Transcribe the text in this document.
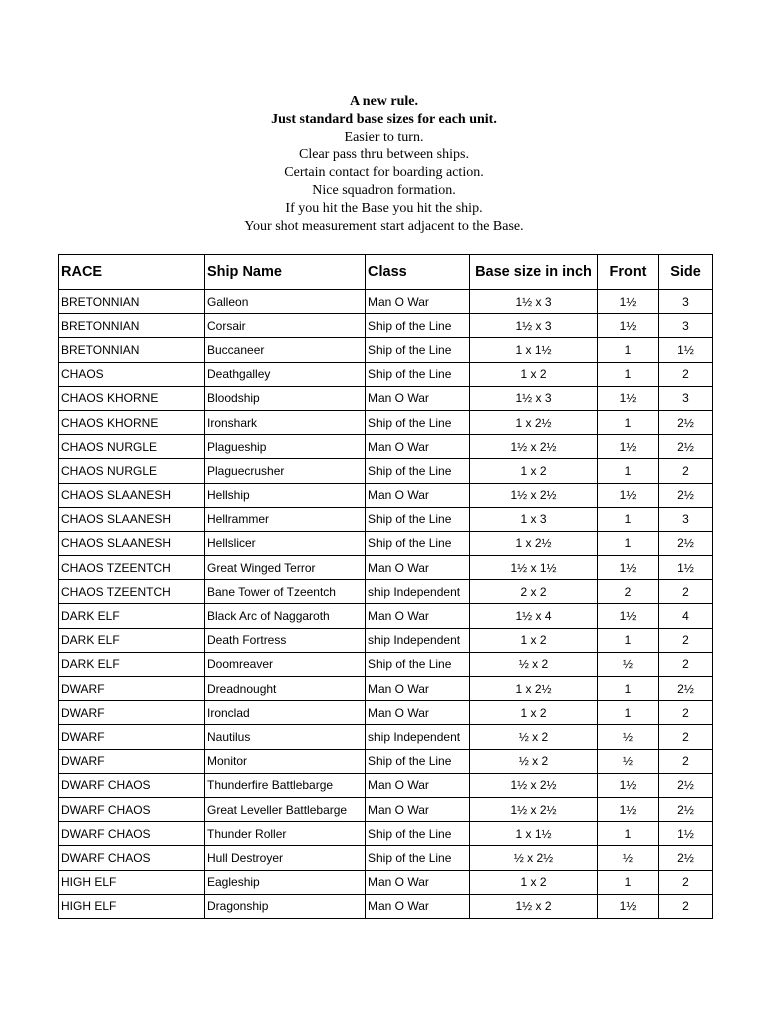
A new rule.
Just standard base sizes for each unit.
Easier to turn.
Clear pass thru between ships.
Certain contact for boarding action.
Nice squadron formation.
If you hit the Base you hit the ship.
Your shot measurement start adjacent to the Base.
RACE	Ship Name	Class	Base size in inch	Front	Side
BRETONNIAN	Galleon	Man O War	1½ x 3	1½	3
BRETONNIAN	Corsair	Ship of the Line	1½ x 3	1½	3
BRETONNIAN	Buccaneer	Ship of the Line	1 x 1½	1	1½
CHAOS	Deathgalley	Ship of the Line	1 x 2	1	2
CHAOS KHORNE	Bloodship	Man O War	1½ x 3	1½	3
CHAOS KHORNE	Ironshark	Ship of the Line	1 x 2½	1	2½
CHAOS NURGLE	Plagueship	Man O War	1½ x 2½	1½	2½
CHAOS NURGLE	Plaguecrusher	Ship of the Line	1 x 2	1	2
CHAOS SLAANESH	Hellship	Man O War	1½ x 2½	1½	2½
CHAOS SLAANESH	Hellrammer	Ship of the Line	1 x 3	1	3
CHAOS SLAANESH	Hellslicer	Ship of the Line	1 x 2½	1	2½
CHAOS TZEENTCH	Great Winged Terror	Man O War	1½ x 1½	1½	1½
CHAOS TZEENTCH	Bane Tower of Tzeentch	ship Independent	2 x 2	2	2
DARK ELF	Black Arc of Naggaroth	Man O War	1½ x 4	1½	4
DARK ELF	Death Fortress	ship Independent	1 x 2	1	2
DARK ELF	Doomreaver	Ship of the Line	½ x 2	½	2
DWARF	Dreadnought	Man O War	1 x 2½	1	2½
DWARF	Ironclad	Man O War	1 x 2	1	2
DWARF	Nautilus	ship Independent	½ x 2	½	2
DWARF	Monitor	Ship of the Line	½ x 2	½	2
DWARF CHAOS	Thunderfire Battlebarge	Man O War	1½ x 2½	1½	2½
DWARF CHAOS	Great Leveller Battlebarge	Man O War	1½ x 2½	1½	2½
DWARF CHAOS	Thunder Roller	Ship of the Line	1 x 1½	1	1½
DWARF CHAOS	Hull Destroyer	Ship of the Line	½ x 2½	½	2½
HIGH ELF	Eagleship	Man O War	1 x 2	1	2
HIGH ELF	Dragonship	Man O War	1½ x 2	1½	2
